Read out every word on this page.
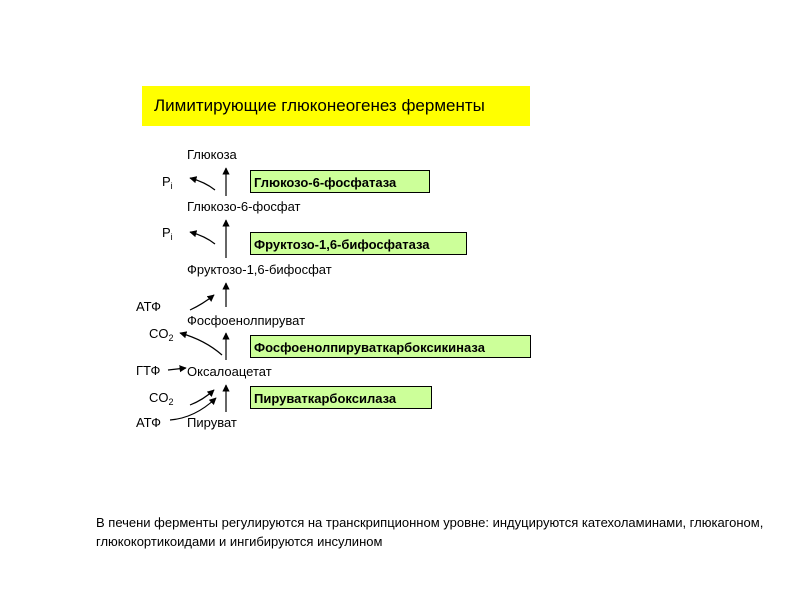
Лимитирующие глюконеогенез ферменты
Глюкоза
Глюкозо-6-фосфат
Фруктозо-1,6-бифосфат
Фосфоенолпируват
Оксалоацетат
Пируват
$P_i$
$P_i$
АТФ
$CO_2$
ГТФ
$CO_2$
АТФ
Глюкозо-6-фосфатаза
Фруктозо-1,6-бифосфатаза
Фосфоенолпируваткарбоксикиназа
Пируваткарбоксилаза
В печени ферменты регулируются на транскрипционном уровне: индуцируются катехоламинами, глюкагоном, глюкокортикоидами и ингибируются инсулином
